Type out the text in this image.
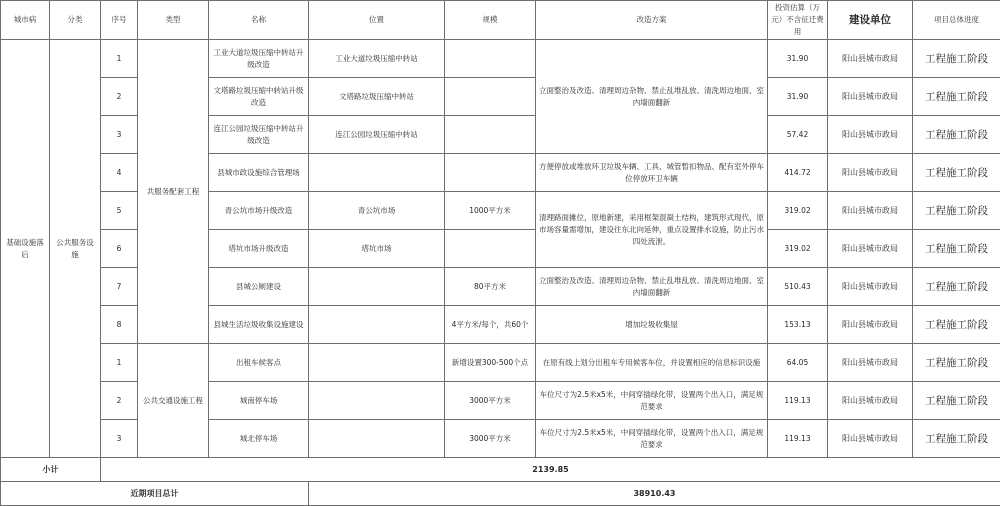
城市病	分类	序号	类型	名称	位置	规模	改造方案	投资估算（万元）不含征迁费用	建设单位	项目总体进度
基础设施落后	公共服务设施	1	共服务配套工程	工业大道垃圾压缩中转站升级改造	工业大道垃圾压缩中转站		立面整治及改造、清理周边杂物、禁止乱堆乱放、清洗周边地面、室内墙面翻新	31.90	阳山县城市政局	工程施工阶段
		2		文塔路垃圾压缩中转站升级改造	文塔路垃圾压缩中转站			31.90	阳山县城市政局	工程施工阶段
		3		连江公园垃圾压缩中转站升级改造	连江公园垃圾压缩中转站			57.42	阳山县城市政局	工程施工阶段
		4		县城市政设施综合管理场			方便停放或堆放环卫垃圾车辆、工具、城管暂扣物品、配有室外停车位停放环卫车辆	414.72	阳山县城市政局	工程施工阶段
		5		青公坑市场升级改造	青公坑市场	1000平方米	清理路面摊位，原地新建，采用框架混凝土结构，建筑形式现代，原市场容量需增加，建设往东北向延伸，重点设置排水设施，防止污水四处流泄。	319.02	阳山县城市政局	工程施工阶段
		6		塔坑市场升级改造	塔坑市场			319.02	阳山县城市政局	工程施工阶段
		7		县城公厕建设		80平方米	立面整治及改造、清理周边杂物、禁止乱堆乱放、清洗周边地面、室内墙面翻新	510.43	阳山县城市政局	工程施工阶段
		8		县城生活垃圾收集设施建设		4平方米/每个，共60个	增加垃圾收集屋	153.13	阳山县城市政局	工程施工阶段
		1	公共交通设施工程	出租车候客点		新增设置300-500个点	在原有线上划分出租车专用候客车位，并设置相应的信息标识设施	64.05	阳山县城市政局	工程施工阶段
		2		城南停车场		3000平方米	车位尺寸为2.5米x5米，中间穿插绿化带，设置两个出入口，满足规范要求	119.13	阳山县城市政局	工程施工阶段
		3		城北停车场		3000平方米	车位尺寸为2.5米x5米，中间穿插绿化带，设置两个出入口，满足规范要求	119.13	阳山县城市政局	工程施工阶段
小计		2139.85								
近期项目总计					38910.43					
